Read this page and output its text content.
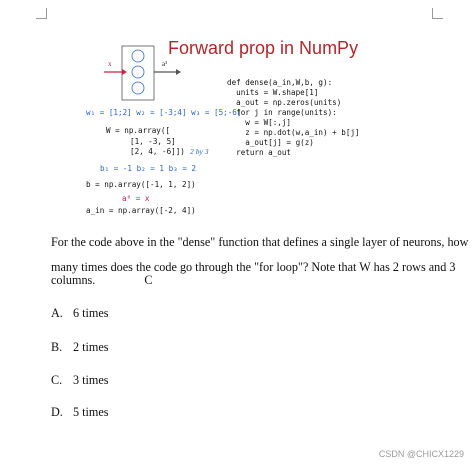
x	a¹
Forward prop in NumPy
def dense(a_in,W,b, g):
units = W.shape[1]
a_out = np.zeros(units)
for j in range(units):
w = W[:,j]
z = np.dot(w,a_in) + b[j]
a_out[j] = g(z)
return a_out
w₁ = [1;2] w₂ = [-3;4] w₃ = [5;-6]
W = np.array([
[1, -3, 5]
[2, 4, -6]]) 2 by 3
b₁ = -1 b₂ = 1 b₃ = 2
b = np.array([-1, 1, 2])
a⁰ = x
a_in = np.array([-2, 4])
For the code above in the "dense" function that defines a single layer of neurons, how
many times does the code go through the "for loop"? Note that W has 2 rows and 3
columns.	C
A. 6 times
B. 2 times
C. 3 times
D. 5 times
CSDN @CHICX1229
